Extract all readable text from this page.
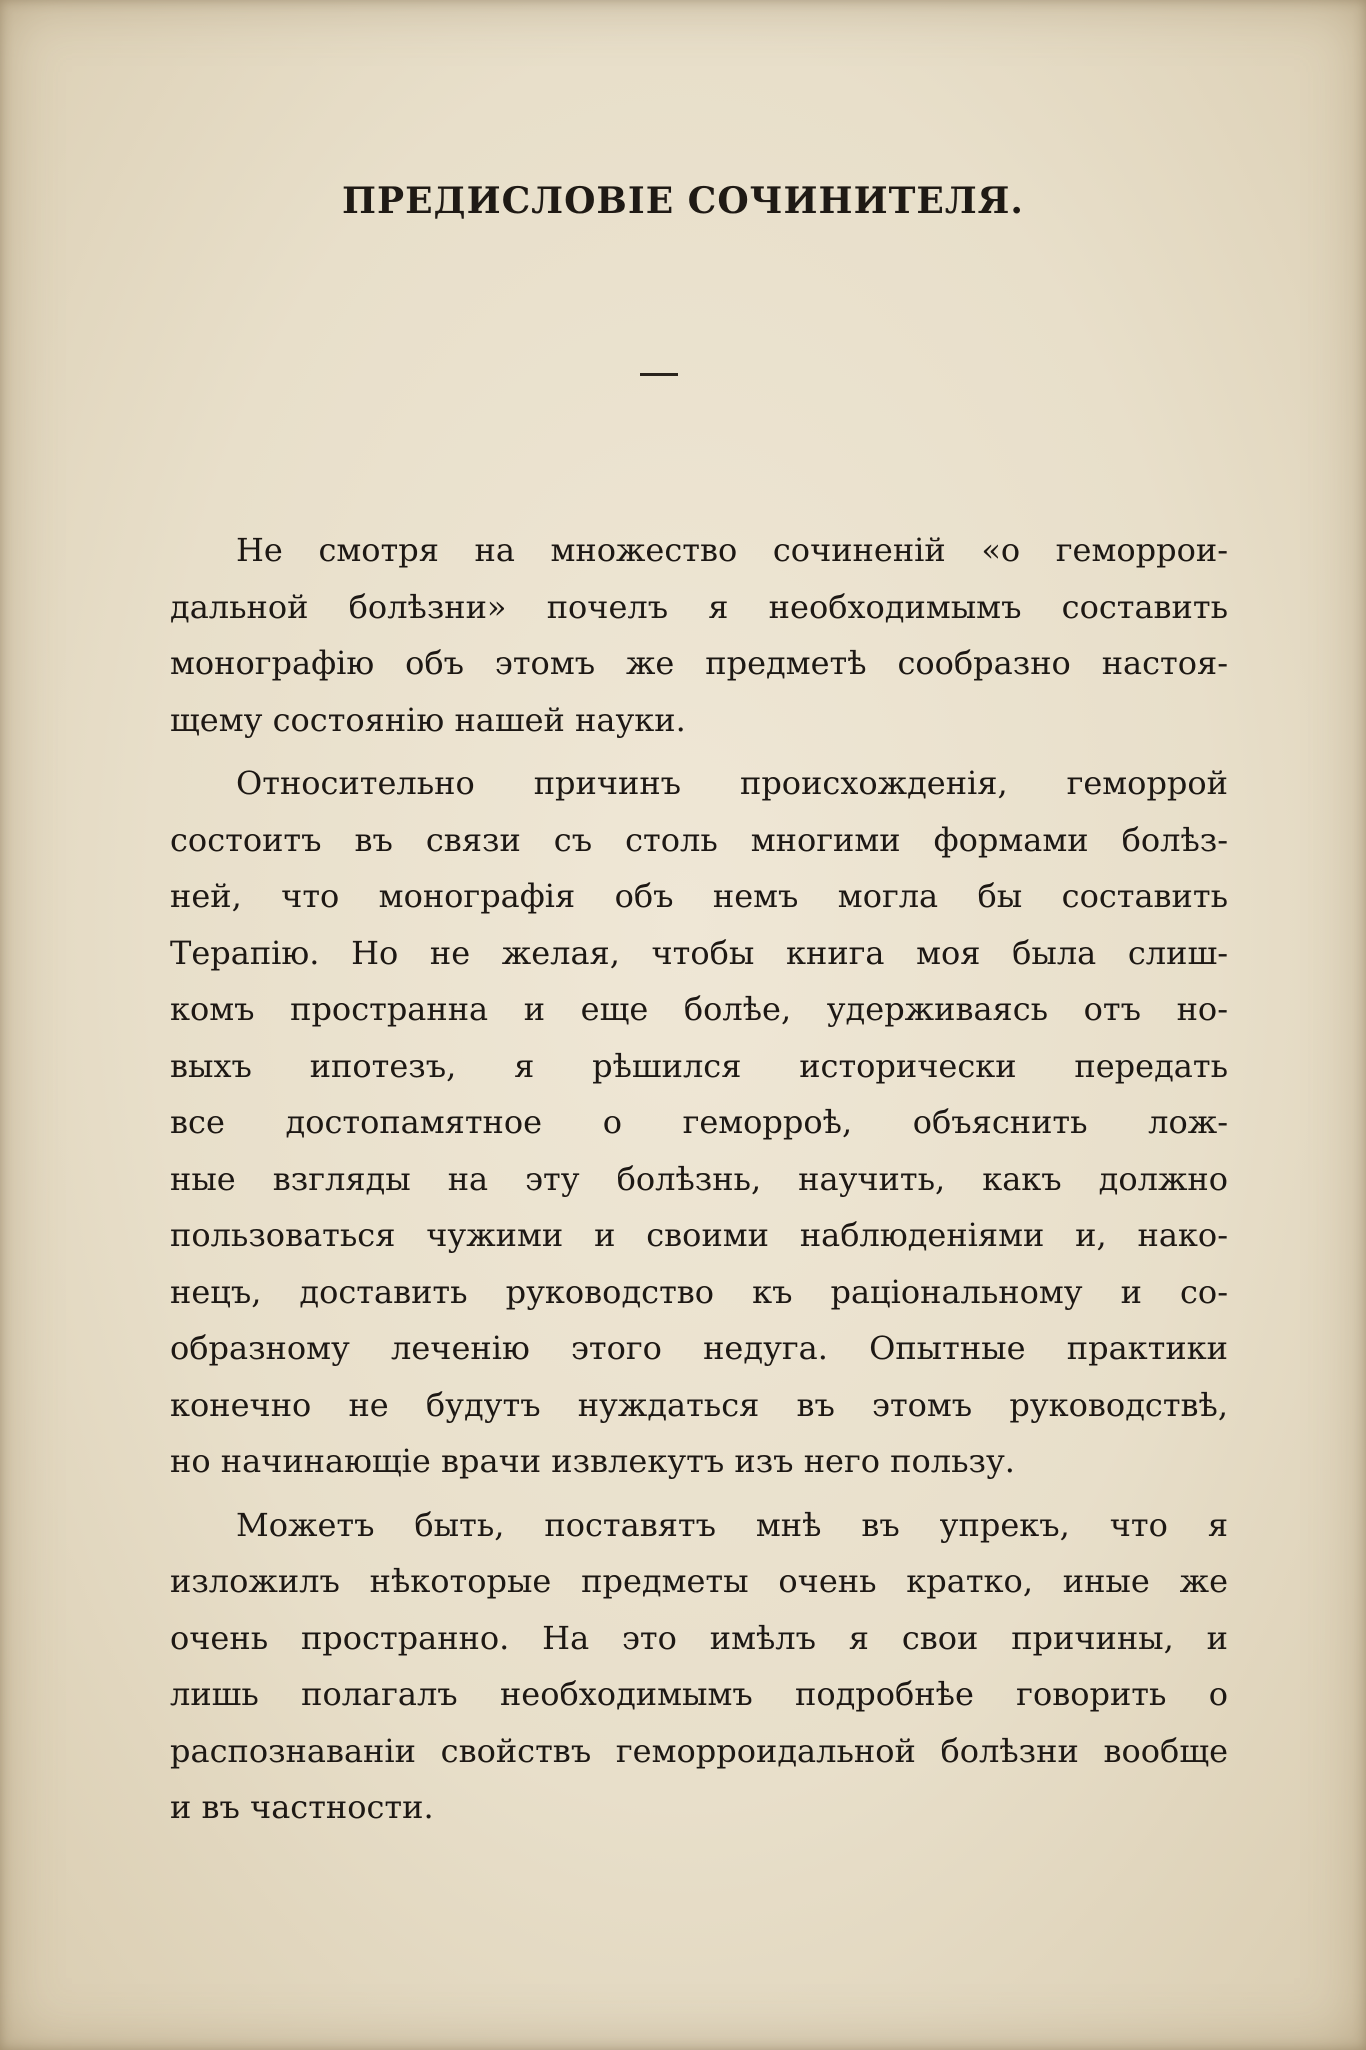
ПРЕДИСЛОВІЕ СОЧИНИТЕЛЯ.

Не смотря на множество сочиненій «о геморрои-
дальной болѣзни» почелъ я необходимымъ составить
монографію объ этомъ же предметѣ сообразно настоя-
щему состоянію нашей науки.

Относительно причинъ происхожденія, геморрой
состоитъ въ связи съ столь многими формами болѣз-
ней, что монографія объ немъ могла бы составить
Терапію. Но не желая, чтобы книга моя была слиш-
комъ пространна и еще болѣе, удерживаясь отъ но-
выхъ ипотезъ, я рѣшился исторически передать
все достопамятное о геморроѣ, объяснить лож-
ные взгляды на эту болѣзнь, научить, какъ должно
пользоваться чужими и своими наблюденіями и, нако-
нецъ, доставить руководство къ раціональному и со-
образному леченію этого недуга. Опытные практики
конечно не будутъ нуждаться въ этомъ руководствѣ,
но начинающіе врачи извлекутъ изъ него пользу.

Можетъ быть, поставятъ мнѣ въ упрекъ, что я
изложилъ нѣкоторые предметы очень кратко, иные же
очень пространно. На это имѣлъ я свои причины, и
лишь полагалъ необходимымъ подробнѣе говорить о
распознаваніи свойствъ геморроидальной болѣзни вообще
и въ частности.
